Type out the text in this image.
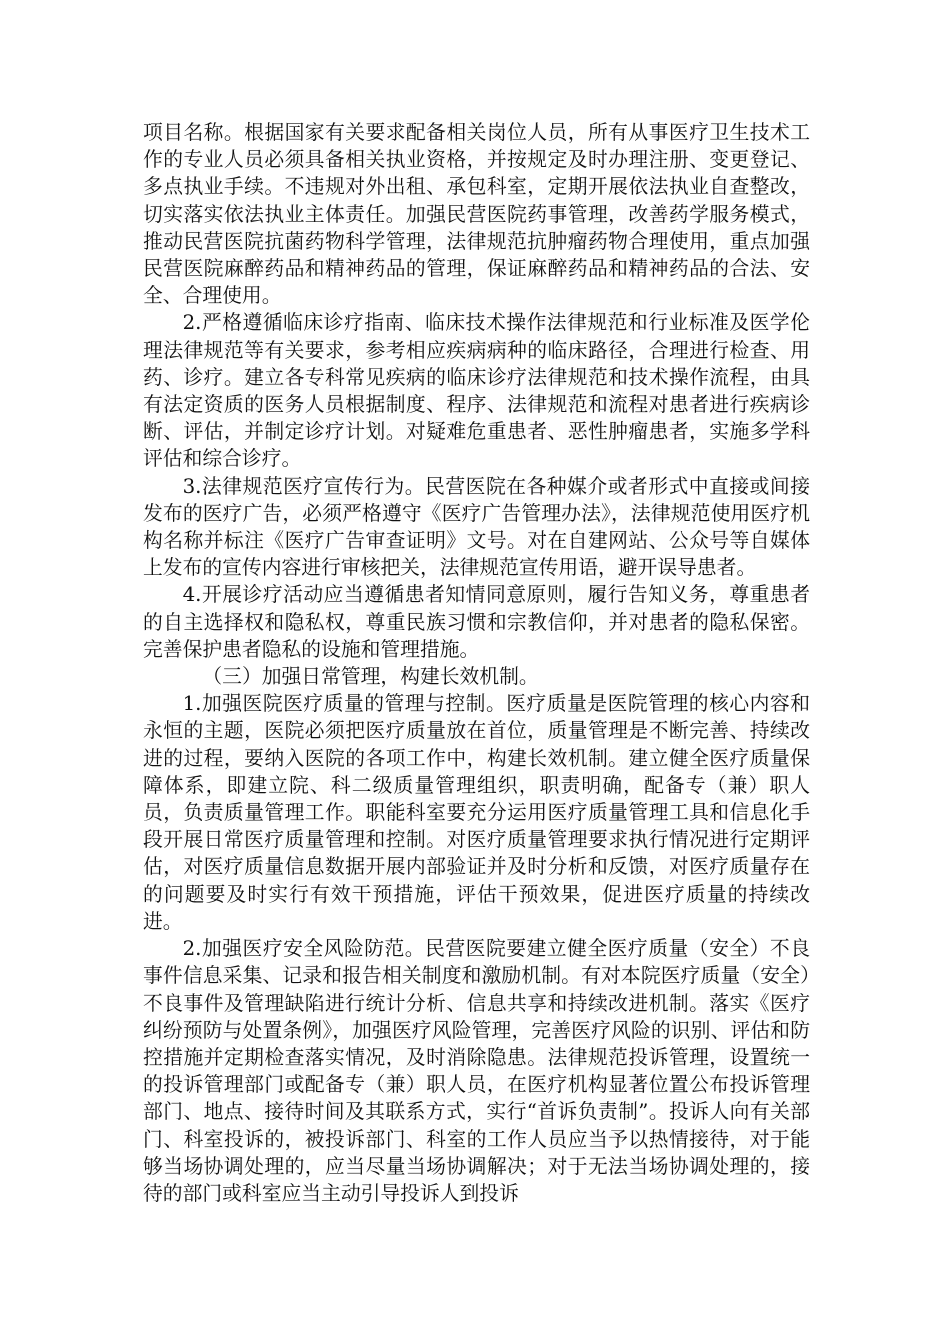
项目名称。根据国家有关要求配备相关岗位人员，所有从事医疗卫生技术工作的专业人员必须具备相关执业资格，并按规定及时办理注册、变更登记、多点执业手续。不违规对外出租、承包科室，定期开展依法执业自查整改，切实落实依法执业主体责任。加强民营医院药事管理，改善药学服务模式，推动民营医院抗菌药物科学管理，法律规范抗肿瘤药物合理使用，重点加强民营医院麻醉药品和精神药品的管理，保证麻醉药品和精神药品的合法、安全、合理使用。

2.严格遵循临床诊疗指南、临床技术操作法律规范和行业标准及医学伦理法律规范等有关要求，参考相应疾病病种的临床路径，合理进行检查、用药、诊疗。建立各专科常见疾病的临床诊疗法律规范和技术操作流程，由具有法定资质的医务人员根据制度、程序、法律规范和流程对患者进行疾病诊断、评估，并制定诊疗计划。对疑难危重患者、恶性肿瘤患者，实施多学科评估和综合诊疗。

3.法律规范医疗宣传行为。民营医院在各种媒介或者形式中直接或间接发布的医疗广告，必须严格遵守《医疗广告管理办法》，法律规范使用医疗机构名称并标注《医疗广告审查证明》文号。对在自建网站、公众号等自媒体上发布的宣传内容进行审核把关，法律规范宣传用语，避开误导患者。

4.开展诊疗活动应当遵循患者知情同意原则，履行告知义务，尊重患者的自主选择权和隐私权，尊重民族习惯和宗教信仰，并对患者的隐私保密。完善保护患者隐私的设施和管理措施。

（三）加强日常管理，构建长效机制。

1.加强医院医疗质量的管理与控制。医疗质量是医院管理的核心内容和永恒的主题，医院必须把医疗质量放在首位，质量管理是不断完善、持续改进的过程，要纳入医院的各项工作中，构建长效机制。建立健全医疗质量保障体系，即建立院、科二级质量管理组织，职责明确，配备专（兼）职人员，负责质量管理工作。职能科室要充分运用医疗质量管理工具和信息化手段开展日常医疗质量管理和控制。对医疗质量管理要求执行情况进行定期评估，对医疗质量信息数据开展内部验证并及时分析和反馈，对医疗质量存在的问题要及时实行有效干预措施，评估干预效果，促进医疗质量的持续改进。

2.加强医疗安全风险防范。民营医院要建立健全医疗质量（安全）不良事件信息采集、记录和报告相关制度和激励机制。有对本院医疗质量（安全）不良事件及管理缺陷进行统计分析、信息共享和持续改进机制。落实《医疗纠纷预防与处置条例》，加强医疗风险管理，完善医疗风险的识别、评估和防控措施并定期检查落实情况，及时消除隐患。法律规范投诉管理，设置统一的投诉管理部门或配备专（兼）职人员，在医疗机构显著位置公布投诉管理部门、地点、接待时间及其联系方式，实行“首诉负责制”。投诉人向有关部门、科室投诉的，被投诉部门、科室的工作人员应当予以热情接待，对于能够当场协调处理的，应当尽量当场协调解决；对于无法当场协调处理的，接待的部门或科室应当主动引导投诉人到投诉
